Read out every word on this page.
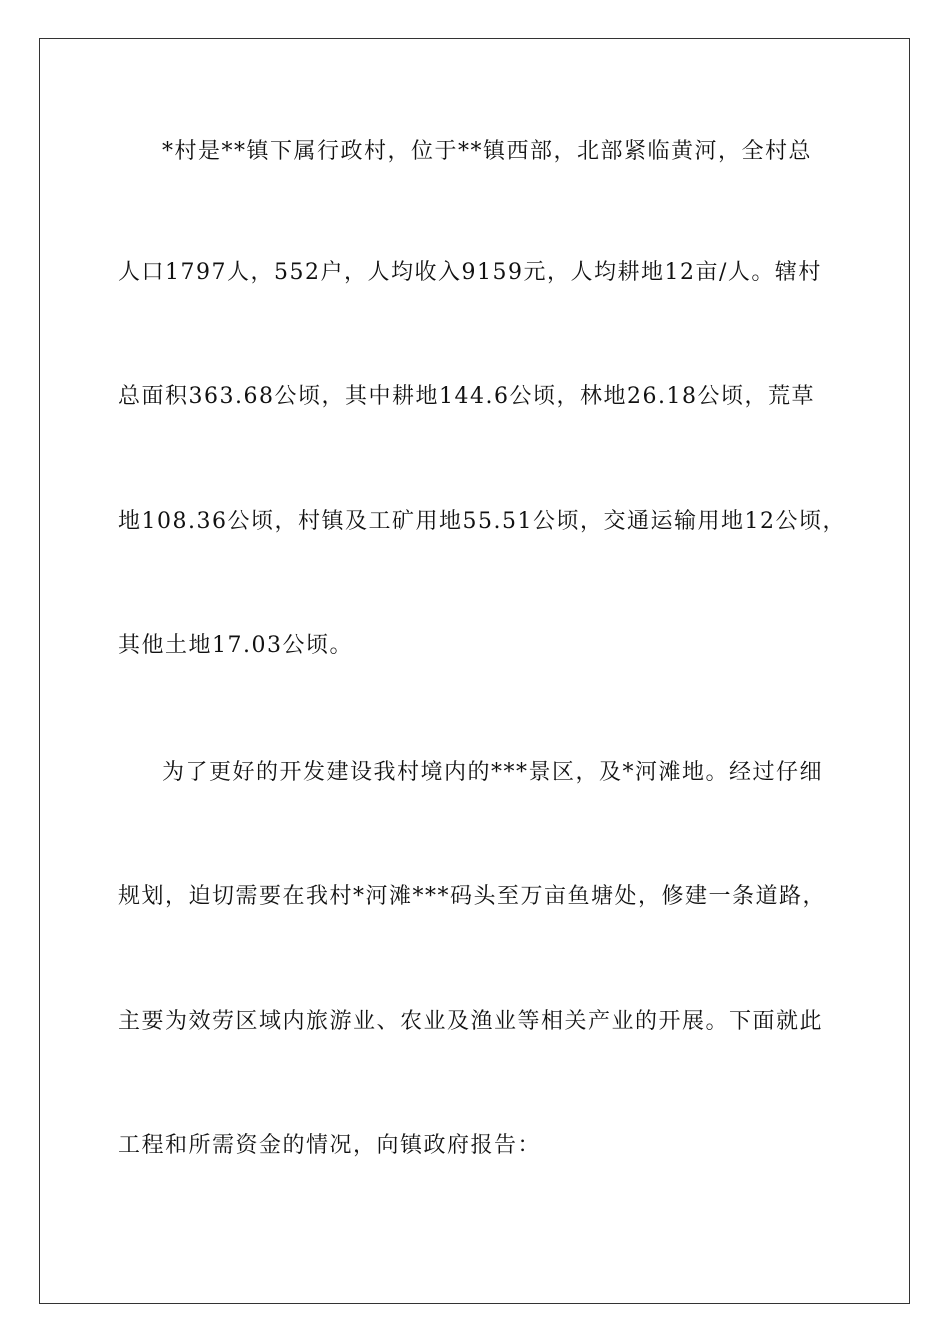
*村是**镇下属行政村，位于**镇西部，北部紧临黄河，全村总
人口1797人，552户，人均收入9159元，人均耕地12亩/人。辖村
总面积363.68公顷，其中耕地144.6公顷，林地26.18公顷，荒草
地108.36公顷，村镇及工矿用地55.51公顷，交通运输用地12公顷，
其他土地17.03公顷。
为了更好的开发建设我村境内的***景区，及*河滩地。经过仔细
规划，迫切需要在我村*河滩***码头至万亩鱼塘处，修建一条道路，
主要为效劳区域内旅游业、农业及渔业等相关产业的开展。下面就此
工程和所需资金的情况，向镇政府报告：
